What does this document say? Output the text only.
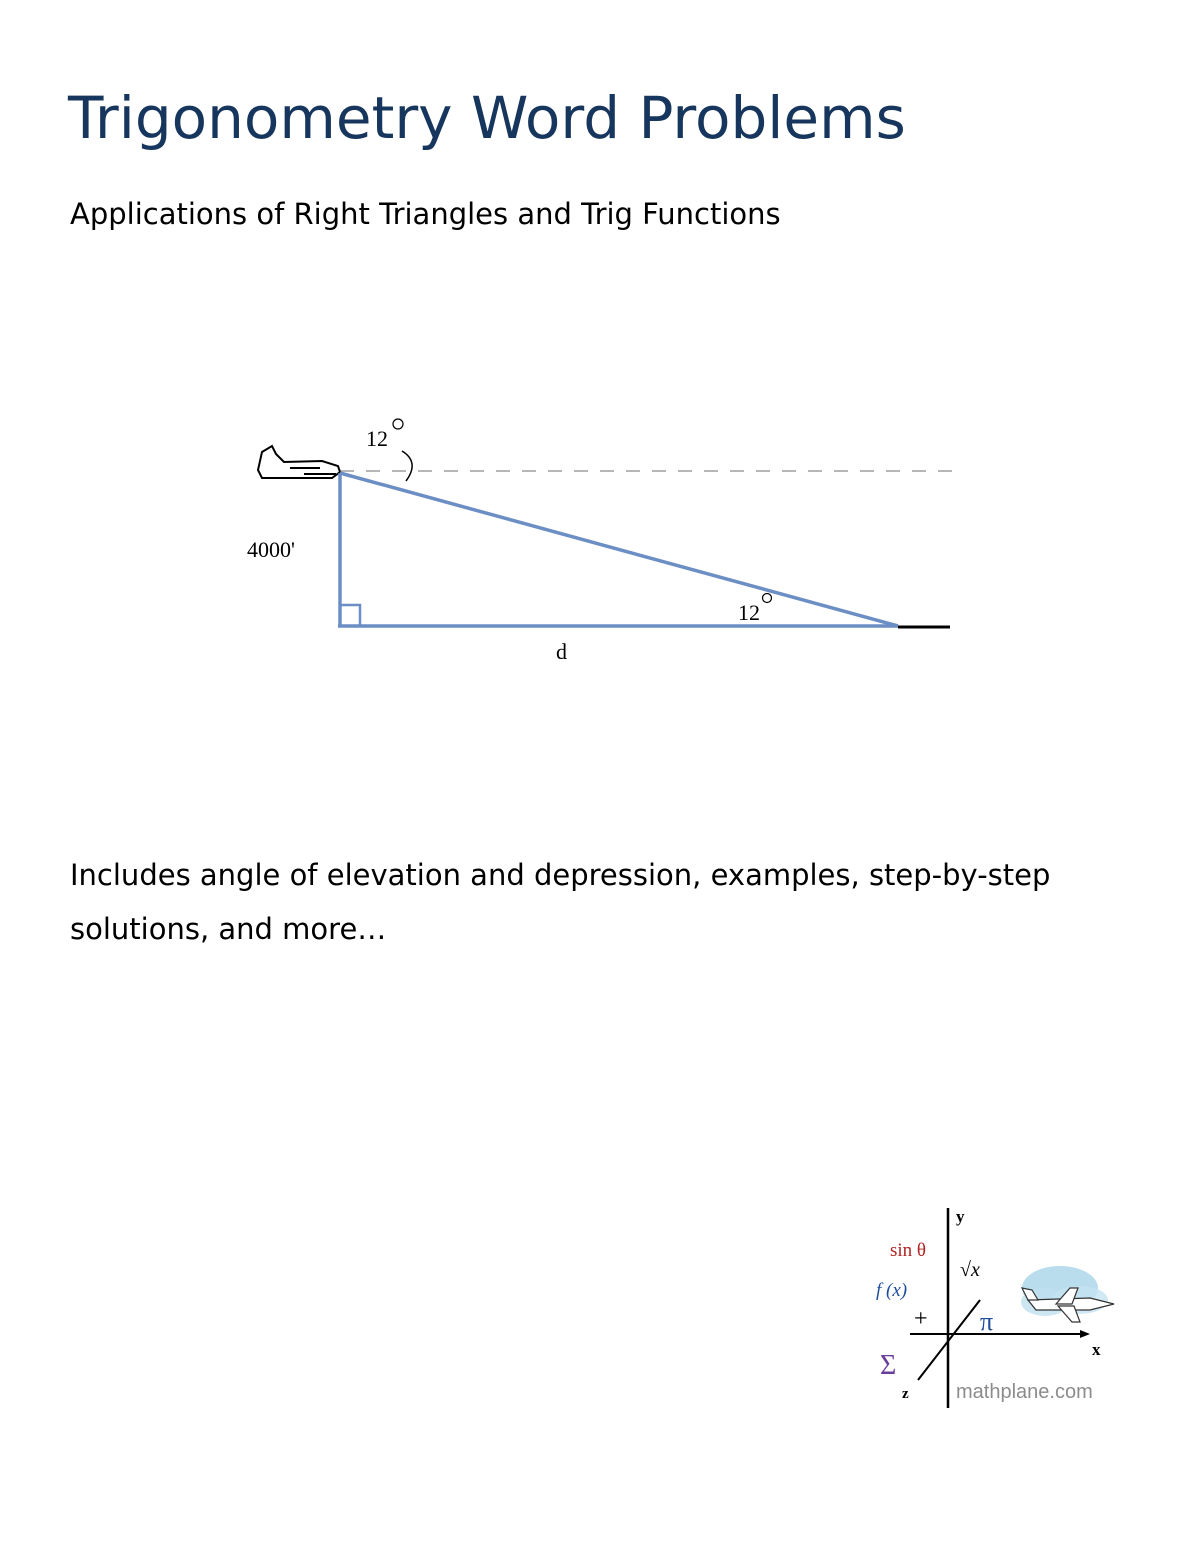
Trigonometry Word Problems

Applications of Right Triangles and Trig Functions

12
12
4000'
d

Includes angle of elevation and depression, examples, step-by-step solutions, and more…

y
x
z
sin θ
f (x)
√x
+ π
Σ
mathplane.com
